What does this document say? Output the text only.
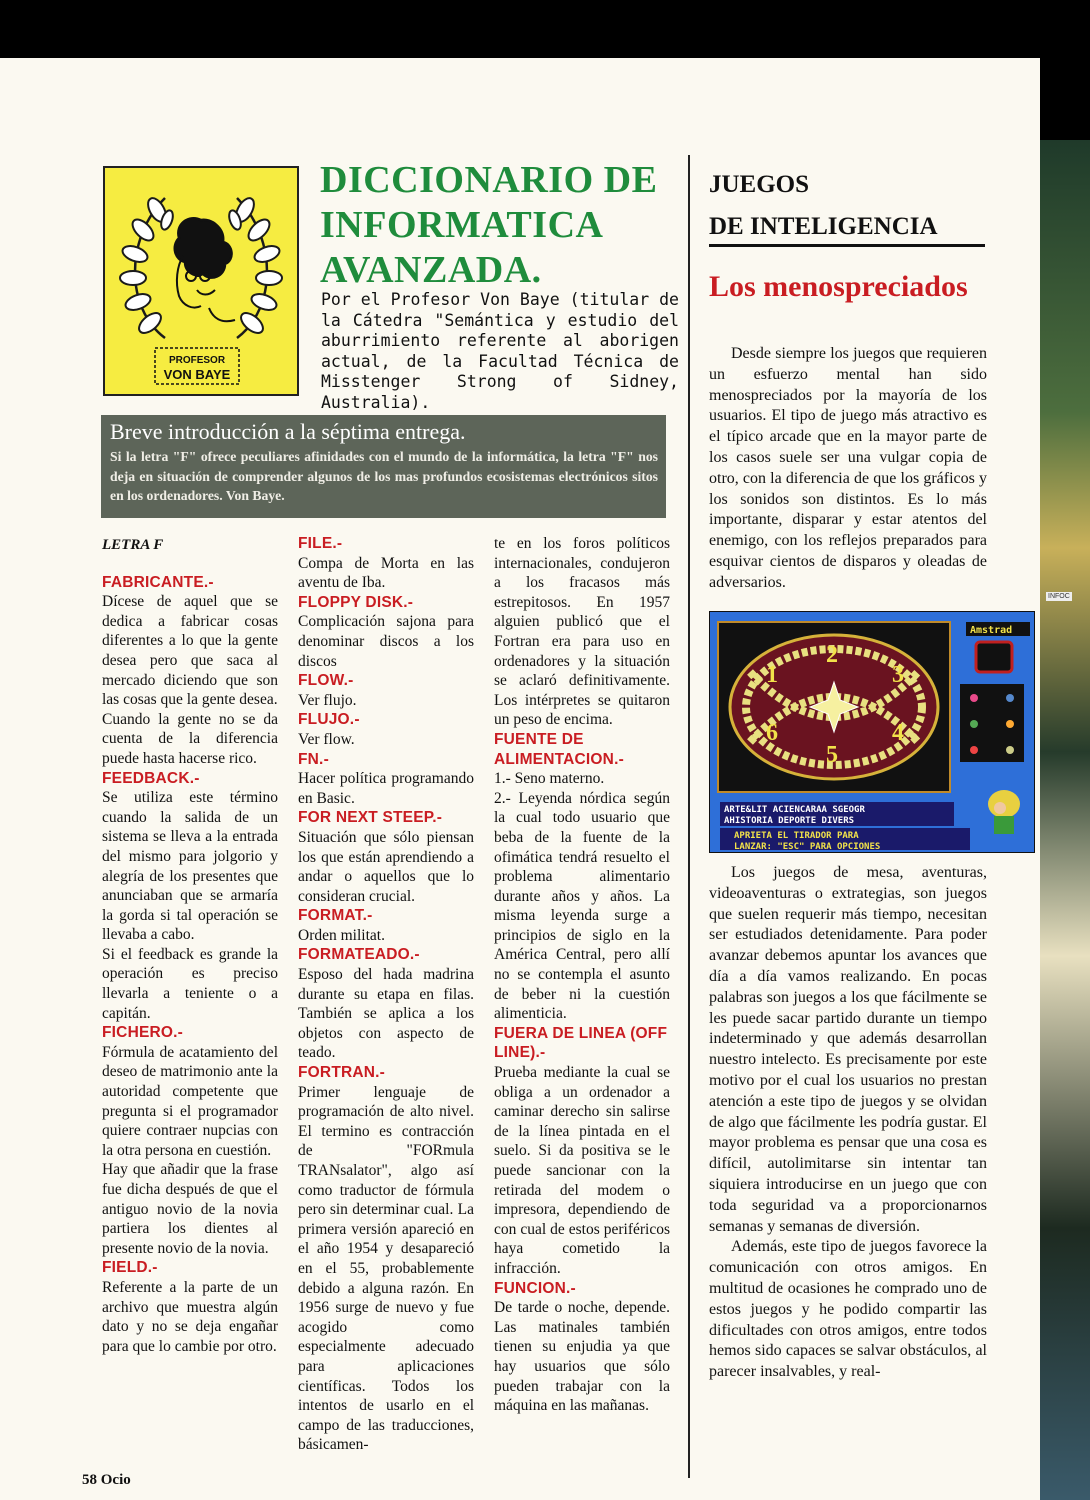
INFOC
PROFESOR
VON BAYE
DICCIONARIO DE INFORMATICA AVANZADA.
Por el Profesor Von Baye (titular de la Cátedra "Semántica y estudio del aburrimiento referente al aborigen actual, de la Facultad Técnica de Misstenger Strong of Sidney, Australia).
Breve introducción a la séptima entrega.

Si la letra "F" ofrece peculiares afinidades con el mundo de la informática, la letra "F" nos deja en situación de comprender algunos de los mas profundos ecosistemas electrónicos sitos en los ordenadores. Von Baye.

LETRA F

FABRICANTE.-

Dícese de aquel que se dedica a fabricar cosas diferentes a lo que la gente desea pero que saca al mercado diciendo que son las cosas que la gente desea.

Cuando la gente no se da cuenta de la diferencia puede hasta hacerse rico.

FEEDBACK.-

Se utiliza este término cuando la salida de un sistema se lleva a la entrada del mismo para jolgorio y alegría de los presentes que anunciaban que se armaría la gorda si tal operación se llevaba a cabo.

Si el feedback es grande la operación es preciso llevarla a teniente o a capitán.

FICHERO.-

Fórmula de acatamiento del deseo de matrimonio ante la autoridad competente que pregunta si el programador quiere contraer nupcias con la otra persona en cuestión.

Hay que añadir que la frase fue dicha después de que el antiguo novio de la novia partiera los dientes al presente novio de la novia.

FIELD.-

Referente a la parte de un archivo que muestra algún dato y no se deja engañar para que lo cambie por otro.

FILE.-

Compa de Morta en las aventu de Iba.

FLOPPY DISK.-

Complicación sajona para denominar discos a los discos

FLOW.-

Ver flujo.

FLUJO.-

Ver flow.

FN.-

Hacer política programando en Basic.

FOR NEXT STEEP.-

Situación que sólo piensan los que están aprendiendo a andar o aquellos que lo consideran crucial.

FORMAT.-

Orden militat.

FORMATEADO.-

Esposo del hada madrina durante su etapa en filas. También se aplica a los objetos con aspecto de teado.

FORTRAN.-

Primer lenguaje de programación de alto nivel. El termino es contracción de "FORmula TRANsalator", algo así como traductor de fórmula pero sin determinar cual. La primera versión apareció en el año 1954 y desapareció en el 55, probablemente debido a alguna razón. En 1956 surge de nuevo y fue acogido como especialmente adecuado para aplicaciones científicas. Todos los intentos de usarlo en el campo de las traducciones, básicamen-

te en los foros políticos internacionales, condujeron a los fracasos más estrepitosos. En 1957 alguien publicó que el Fortran era para uso en ordenadores y la situación se aclaró definitivamente. Los intérpretes se quitaron un peso de encima.

FUENTE DE ALIMENTACION.-

1.- Seno materno.

2.- Leyenda nórdica según la cual todo usuario que beba de la fuente de la ofimática tendrá resuelto el problema alimentario durante años y años. La misma leyenda surge a principios de siglo en la América Central, pero allí no se contempla el asunto de beber ni la cuestión alimenticia.

FUERA DE LINEA (OFF LINE).-

Prueba mediante la cual se obliga a un ordenador a caminar derecho sin salirse de la línea pintada en el suelo. Si da positiva se le puede sancionar con la retirada del modem o impresora, dependiendo de con cual de estos periféricos haya cometido la infracción.

FUNCION.-

De tarde o noche, depende. Las matinales también tienen su enjudia ya que hay usuarios que sólo pueden trabajar con la máquina en las mañanas.

JUEGOS
DE INTELIGENCIA
Los menospreciados

Desde siempre los juegos que requieren un esfuerzo mental han sido menospreciados por la mayoría de los usuarios. El tipo de juego más atractivo es el típico arcade que en la mayor parte de los casos suele ser una vulgar copia de otro, con la diferencia de que los gráficos y los sonidos son distintos. Es lo más importante, disparar y estar atentos del enemigo, con los reflejos preparados para esquivar cientos de disparos y oleadas de adversarios.

1
2
3
4
5
6
Amstrad
ARTE&LIT ACIENCARAA SGEOGR
AHISTORIA DEPORTE DIVERS
APRIETA EL TIRADOR PARA
LANZAR: "ESC" PARA OPCIONES

Los juegos de mesa, aventuras, videoaventuras o extrategias, son juegos que suelen requerir más tiempo, necesitan ser estudiados detenidamente. Para poder avanzar debemos apuntar los avances que día a día vamos realizando. En pocas palabras son juegos a los que fácilmente se les puede sacar partido durante un tiempo indeterminado y que además desarrollan nuestro intelecto. Es precisamente por este motivo por el cual los usuarios no prestan atención a este tipo de juegos y se olvidan de algo que fácilmente les podría gustar. El mayor problema es pensar que una cosa es difícil, autolimitarse sin intentar tan siquiera introducirse en un juego que con toda seguridad va a proporcionarnos semanas y semanas de diversión.

Además, este tipo de juegos favorece la comunicación con otros amigos. En multitud de ocasiones he comprado uno de estos juegos y he podido compartir las dificultades con otros amigos, entre todos hemos sido capaces se salvar obstáculos, al parecer insalvables, y real-

58 Ocio
